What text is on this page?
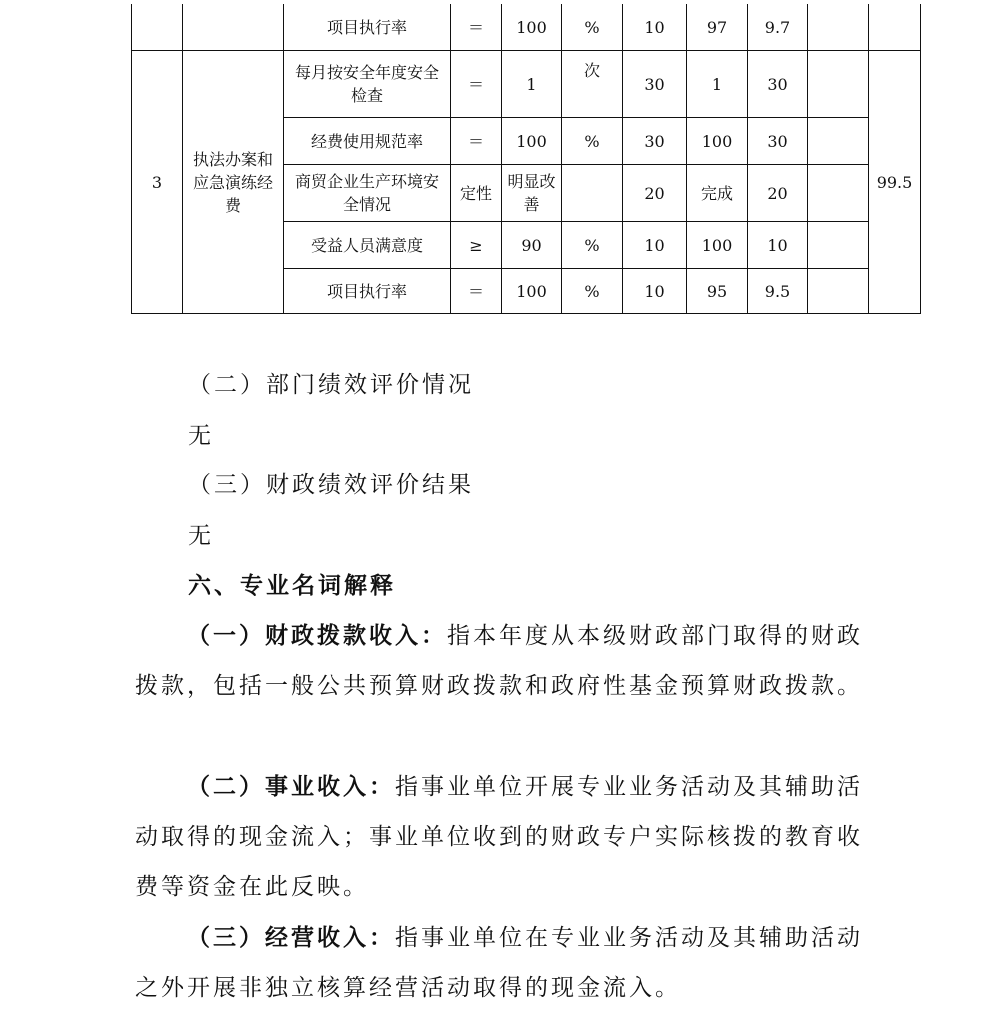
		项目执行率	＝	100	%	10	97	9.7		
3	执法办案和应急演练经费	每月按安全年度安全检查	＝	1	次	30	1	30		99.5
		经费使用规范率	＝	100	%	30	100	30		
		商贸企业生产环境安全情况	定性	明显改善		20	完成	20		
		受益人员满意度	≥	90	%	10	100	10		
		项目执行率	＝	100	%	10	95	9.5		

（二）部门绩效评价情况

无

（三）财政绩效评价结果

无

六、专业名词解释

（一）财政拨款收入：指本年度从本级财政部门取得的财政拨款，包括一般公共预算财政拨款和政府性基金预算财政拨款。

（二）事业收入：指事业单位开展专业业务活动及其辅助活动取得的现金流入；事业单位收到的财政专户实际核拨的教育收费等资金在此反映。

（三）经营收入：指事业单位在专业业务活动及其辅助活动之外开展非独立核算经营活动取得的现金流入。
